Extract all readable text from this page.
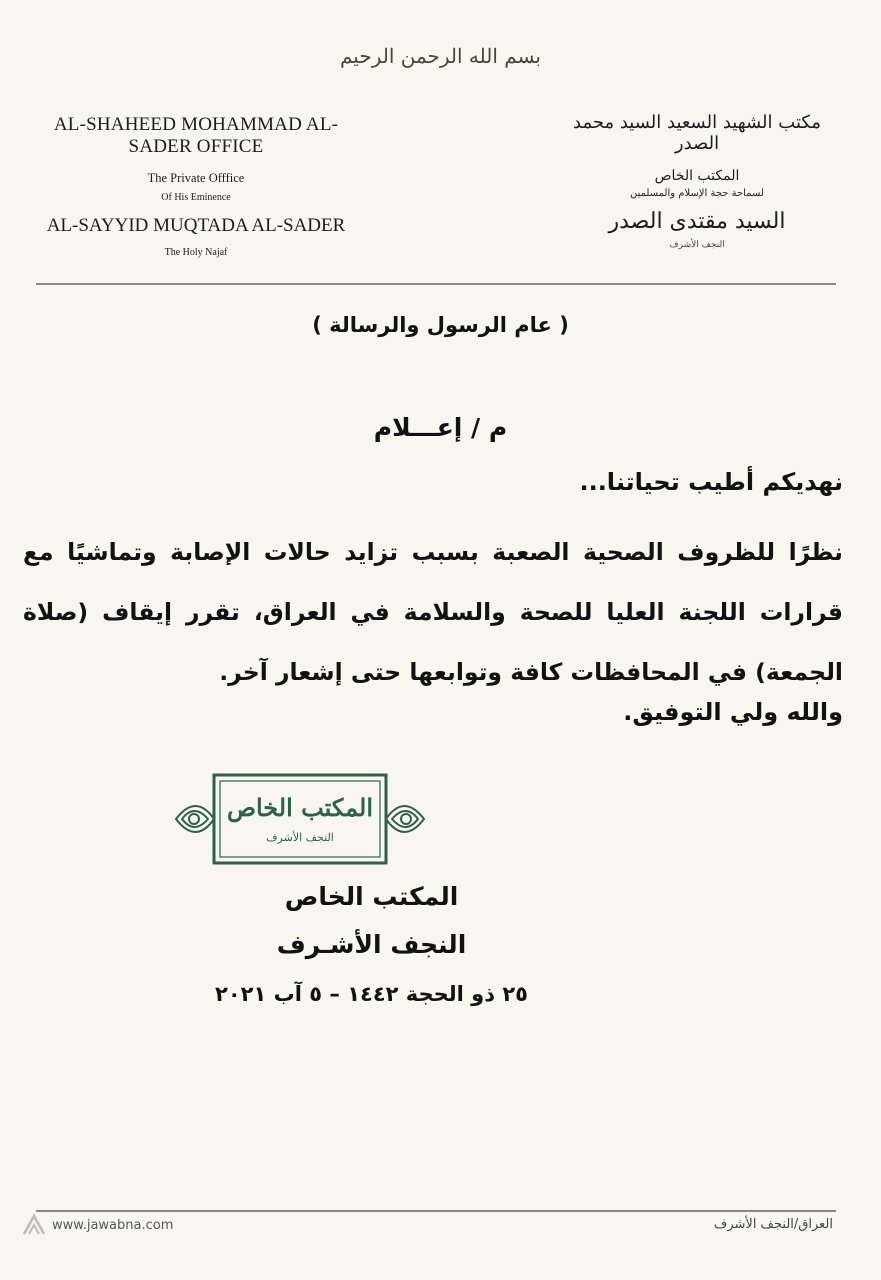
بسم الله الرحمن الرحيم
AL-SHAHEED MOHAMMAD AL-SADER OFFICE
The Private Offfice
Of His Eminence
AL-SAYYID MUQTADA AL-SADER
The Holy Najaf
مكتب الشهيد السعيد السيد محمد الصدر
المكتب الخاص
لسماحة حجة الإسلام والمسلمين
السيد مقتدى الصدر
النجف الأشرف
( عام الرسول والرسالة )
م / إعـــلام
نهديكم أطيب تحياتنا...
نظرًا للظروف الصحية الصعبة بسبب تزايد حالات الإصابة وتماشيًا مع قرارات اللجنة العليا للصحة والسلامة في العراق، تقرر إيقاف (صلاة الجمعة) في المحافظات كافة وتوابعها حتى إشعار آخر.
والله ولي التوفيق.
المكتب الخاص
النجف الأشرف
المكتب الخاص
النجف الأشـرف
٢٥ ذو الحجة ١٤٤٢ – ٥ آب ٢٠٢١
www.jawabna.com	العراق/النجف الأشرف
